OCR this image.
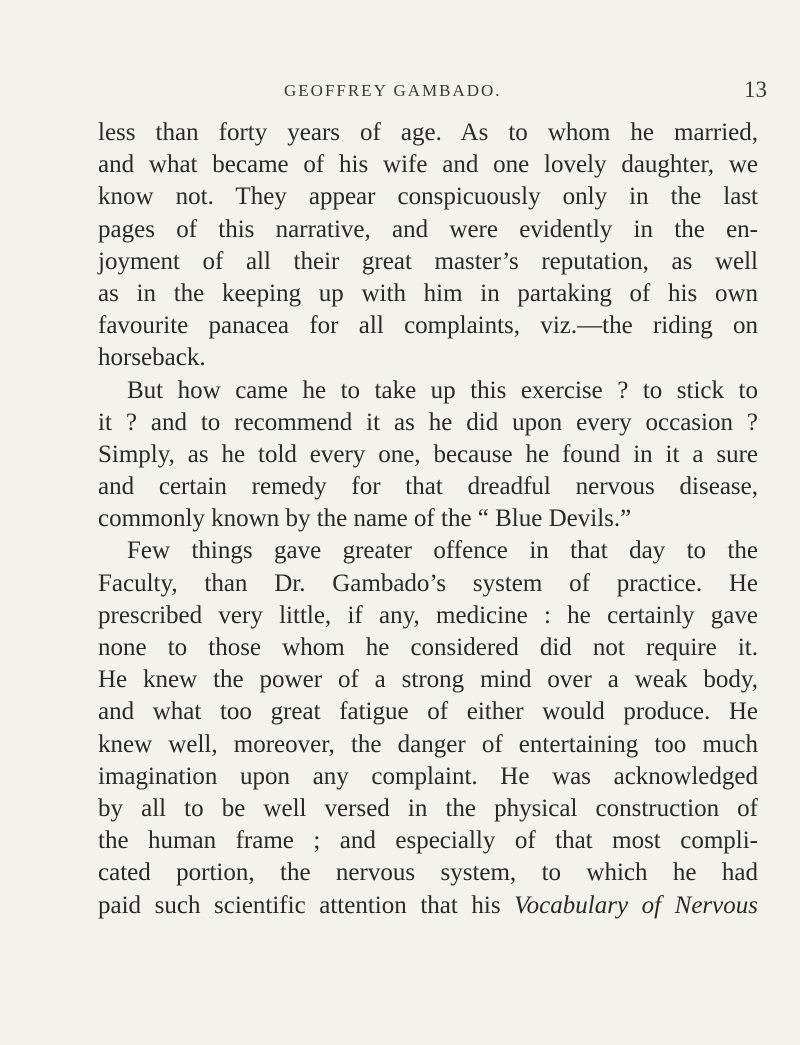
GEOFFREY GAMBADO.	13
less than forty years of age. As to whom he married,
and what became of his wife and one lovely daughter, we
know not. They appear conspicuously only in the last
pages of this narrative, and were evidently in the en-
joyment of all their great master’s reputation, as well
as in the keeping up with him in partaking of his own
favourite panacea for all complaints, viz.—the riding on
horseback.
But how came he to take up this exercise ? to stick to
it ? and to recommend it as he did upon every occasion ?
Simply, as he told every one, because he found in it a sure
and certain remedy for that dreadful nervous disease,
commonly known by the name of the “ Blue Devils.”
Few things gave greater offence in that day to the
Faculty, than Dr. Gambado’s system of practice. He
prescribed very little, if any, medicine : he certainly gave
none to those whom he considered did not require it.
He knew the power of a strong mind over a weak body,
and what too great fatigue of either would produce. He
knew well, moreover, the danger of entertaining too much
imagination upon any complaint. He was acknowledged
by all to be well versed in the physical construction of
the human frame ; and especially of that most compli-
cated portion, the nervous system, to which he had
paid such scientific attention that his Vocabulary of Nervous
